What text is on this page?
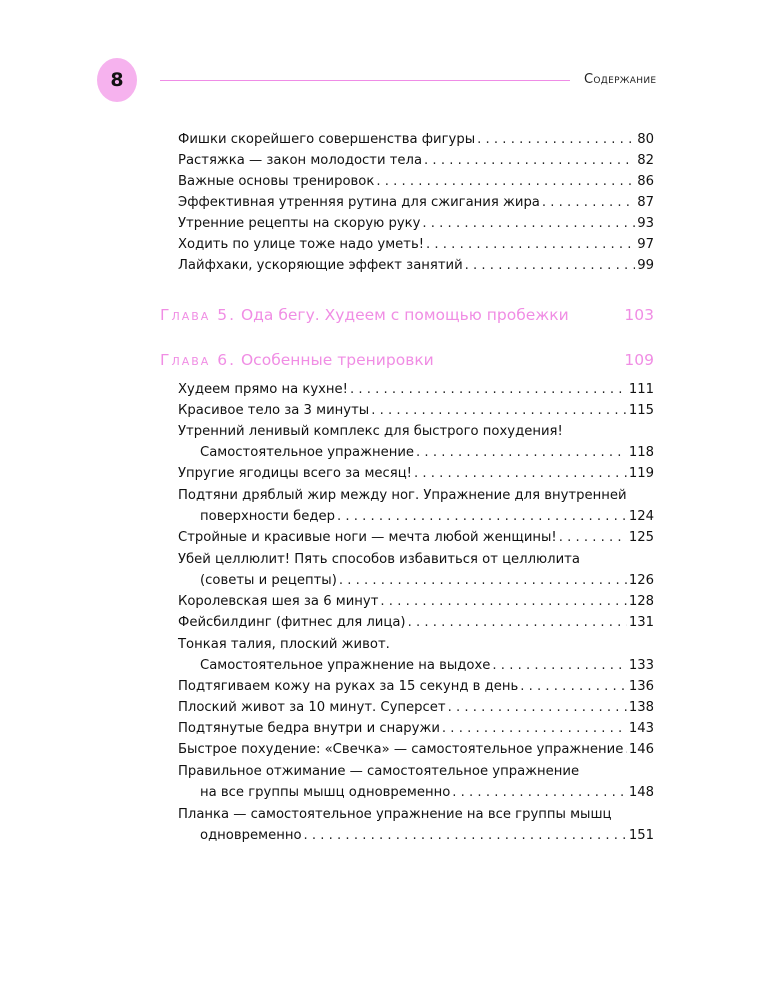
8	Содержание
Фишки скорейшего совершенства фигуры . . .	80
Растяжка — закон молодости тела . . .	82
Важные основы тренировок . . .	86
Эффективная утренняя рутина для сжигания жира . . .	87
Утренние рецепты на скорую руку . . .	93
Ходить по улице тоже надо уметь! . . .	97
Лайфхаки, ускоряющие эффект занятий . . .	99
Глава 5. Ода бегу. Худеем с помощью пробежки	103
Глава 6. Особенные тренировки	109
Худеем прямо на кухне! . . .	111
Красивое тело за 3 минуты . . .	115
Утренний ленивый комплекс для быстрого похудения!
Самостоятельное упражнение . . .	118
Упругие ягодицы всего за месяц! . . .	119
Подтяни дряблый жир между ног. Упражнение для внутренней
поверхности бедер . . .	124
Стройные и красивые ноги — мечта любой женщины! . . .	125
Убей целлюлит! Пять способов избавиться от целлюлита
(советы и рецепты) . . .	126
Королевская шея за 6 минут . . .	128
Фейсбилдинг (фитнес для лица) . . .	131
Тонкая талия, плоский живот.
Самостоятельное упражнение на выдохе . . .	133
Подтягиваем кожу на руках за 15 секунд в день . . .	136
Плоский живот за 10 минут. Суперсет . . .	138
Подтянутые бедра внутри и снаружи . . .	143
Быстрое похудение: «Свечка» — самостоятельное упражнение . . . 146
Правильное отжимание — самостоятельное упражнение
на все группы мышц одновременно . . .	148
Планка — самостоятельное упражнение на все группы мышц
одновременно . . .	151
